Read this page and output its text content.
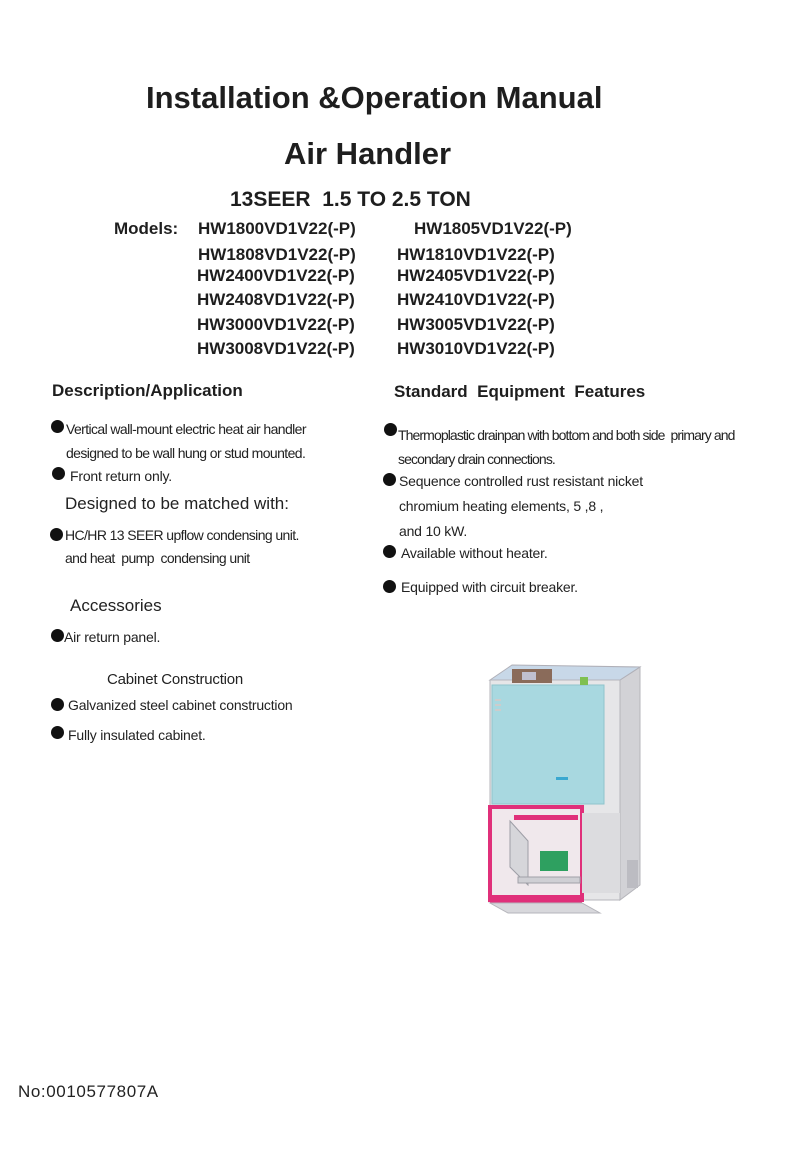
Installation &Operation Manual
Air Handler
13SEER  1.5 TO 2.5 TON
Models: HW1800VD1V22(-P)	HW1805VD1V22(-P)
HW1808VD1V22(-P) HW1810VD1V22(-P)
HW2400VD1V22(-P) HW2405VD1V22(-P)
HW2408VD1V22(-P) HW2410VD1V22(-P)
HW3000VD1V22(-P) HW3005VD1V22(-P)
HW3008VD1V22(-P) HW3010VD1V22(-P)
Description/Application
Vertical wall-mount electric heat air handler
designed to be wall hung or stud mounted.
Front return only.
Designed to be matched with:
HC/HR 13 SEER upflow condensing unit.
and heat  pump  condensing unit
Accessories
Air return panel.
Cabinet Construction
Galvanized steel cabinet construction
Fully insulated cabinet.
Standard  Equipment  Features
Thermoplastic drainpan with bottom and both side  primary and
secondary drain connections.
Sequence controlled rust resistant nicket
chromium heating elements, 5 ,8 ,
and 10 kW.
Available without heater.
Equipped with circuit breaker.
No:0010577807A
